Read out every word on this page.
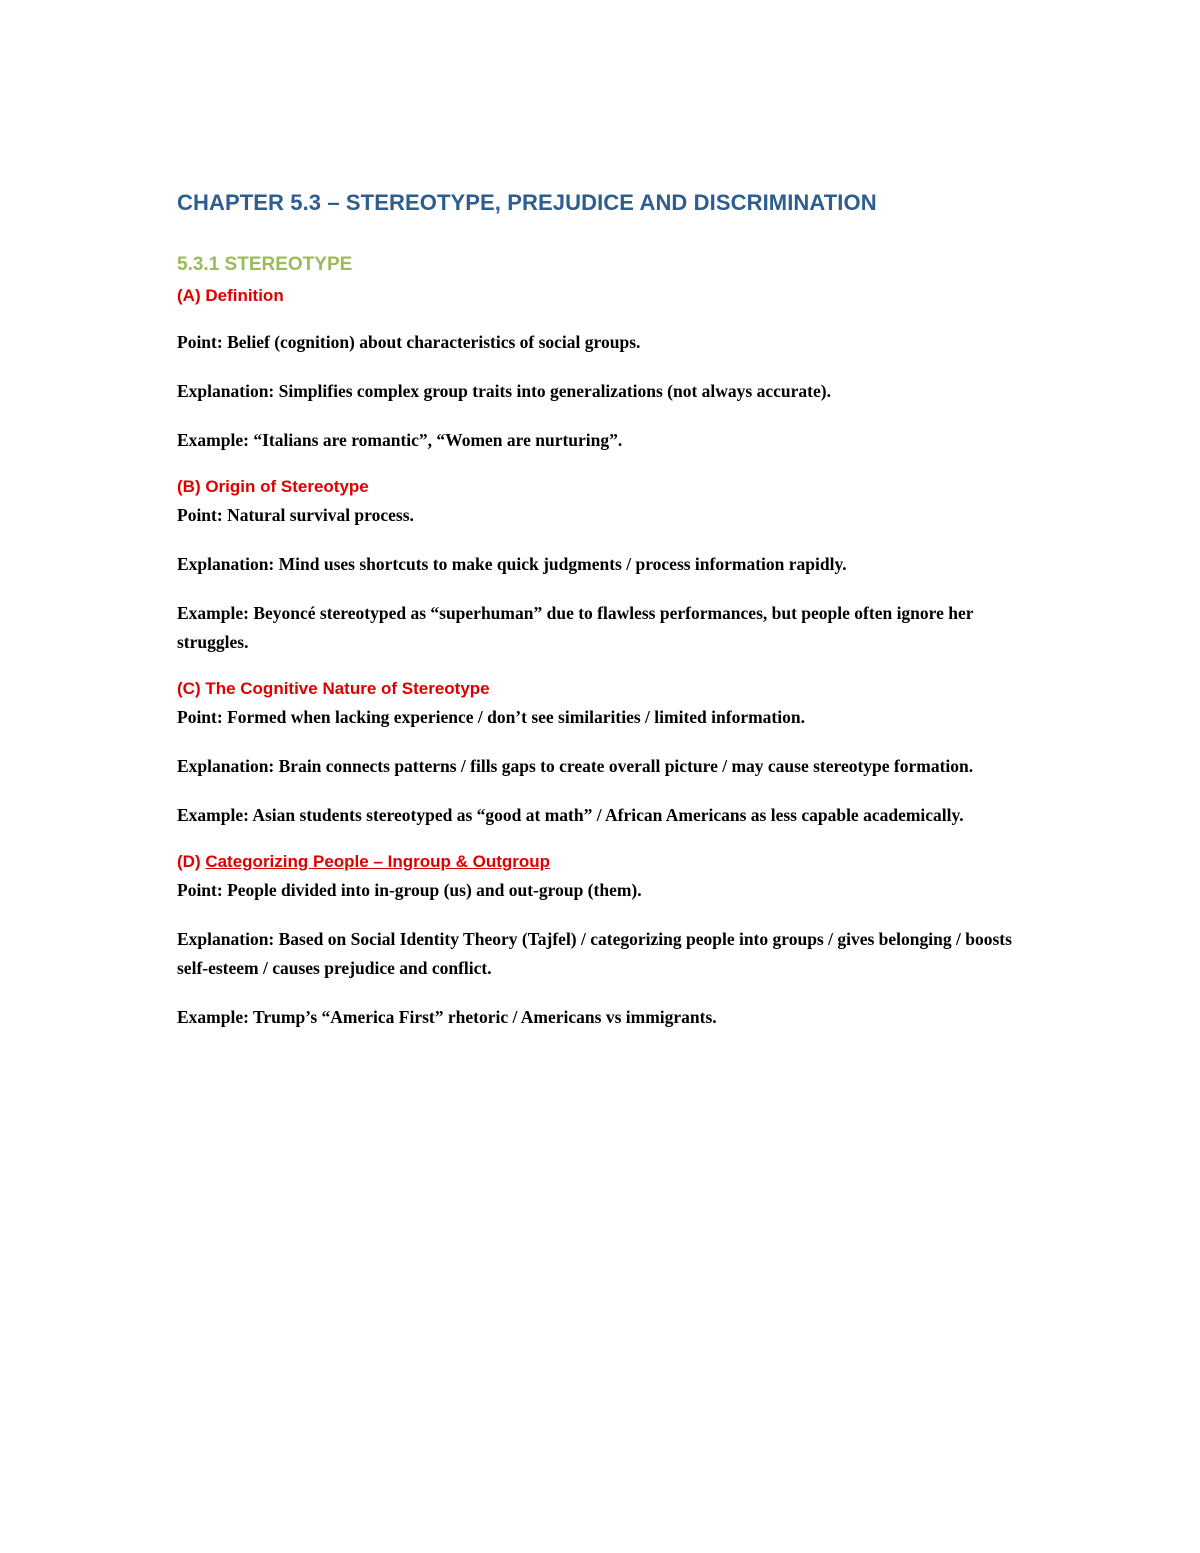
CHAPTER 5.3 – STEREOTYPE, PREJUDICE AND DISCRIMINATION
5.3.1 STEREOTYPE
(A) Definition
Point: Belief (cognition) about characteristics of social groups.
Explanation: Simplifies complex group traits into generalizations (not always accurate).
Example: “Italians are romantic”, “Women are nurturing”.
(B) Origin of Stereotype
Point: Natural survival process.
Explanation: Mind uses shortcuts to make quick judgments / process information rapidly.
Example: Beyoncé stereotyped as “superhuman” due to flawless performances, but people often ignore her struggles.
(C) The Cognitive Nature of Stereotype
Point: Formed when lacking experience / don’t see similarities / limited information.
Explanation: Brain connects patterns / fills gaps to create overall picture / may cause stereotype formation.
Example: Asian students stereotyped as “good at math” / African Americans as less capable academically.
(D) Categorizing People – Ingroup & Outgroup
Point: People divided into in-group (us) and out-group (them).
Explanation: Based on Social Identity Theory (Tajfel) / categorizing people into groups / gives belonging / boosts self-esteem / causes prejudice and conflict.
Example: Trump’s “America First” rhetoric / Americans vs immigrants.
